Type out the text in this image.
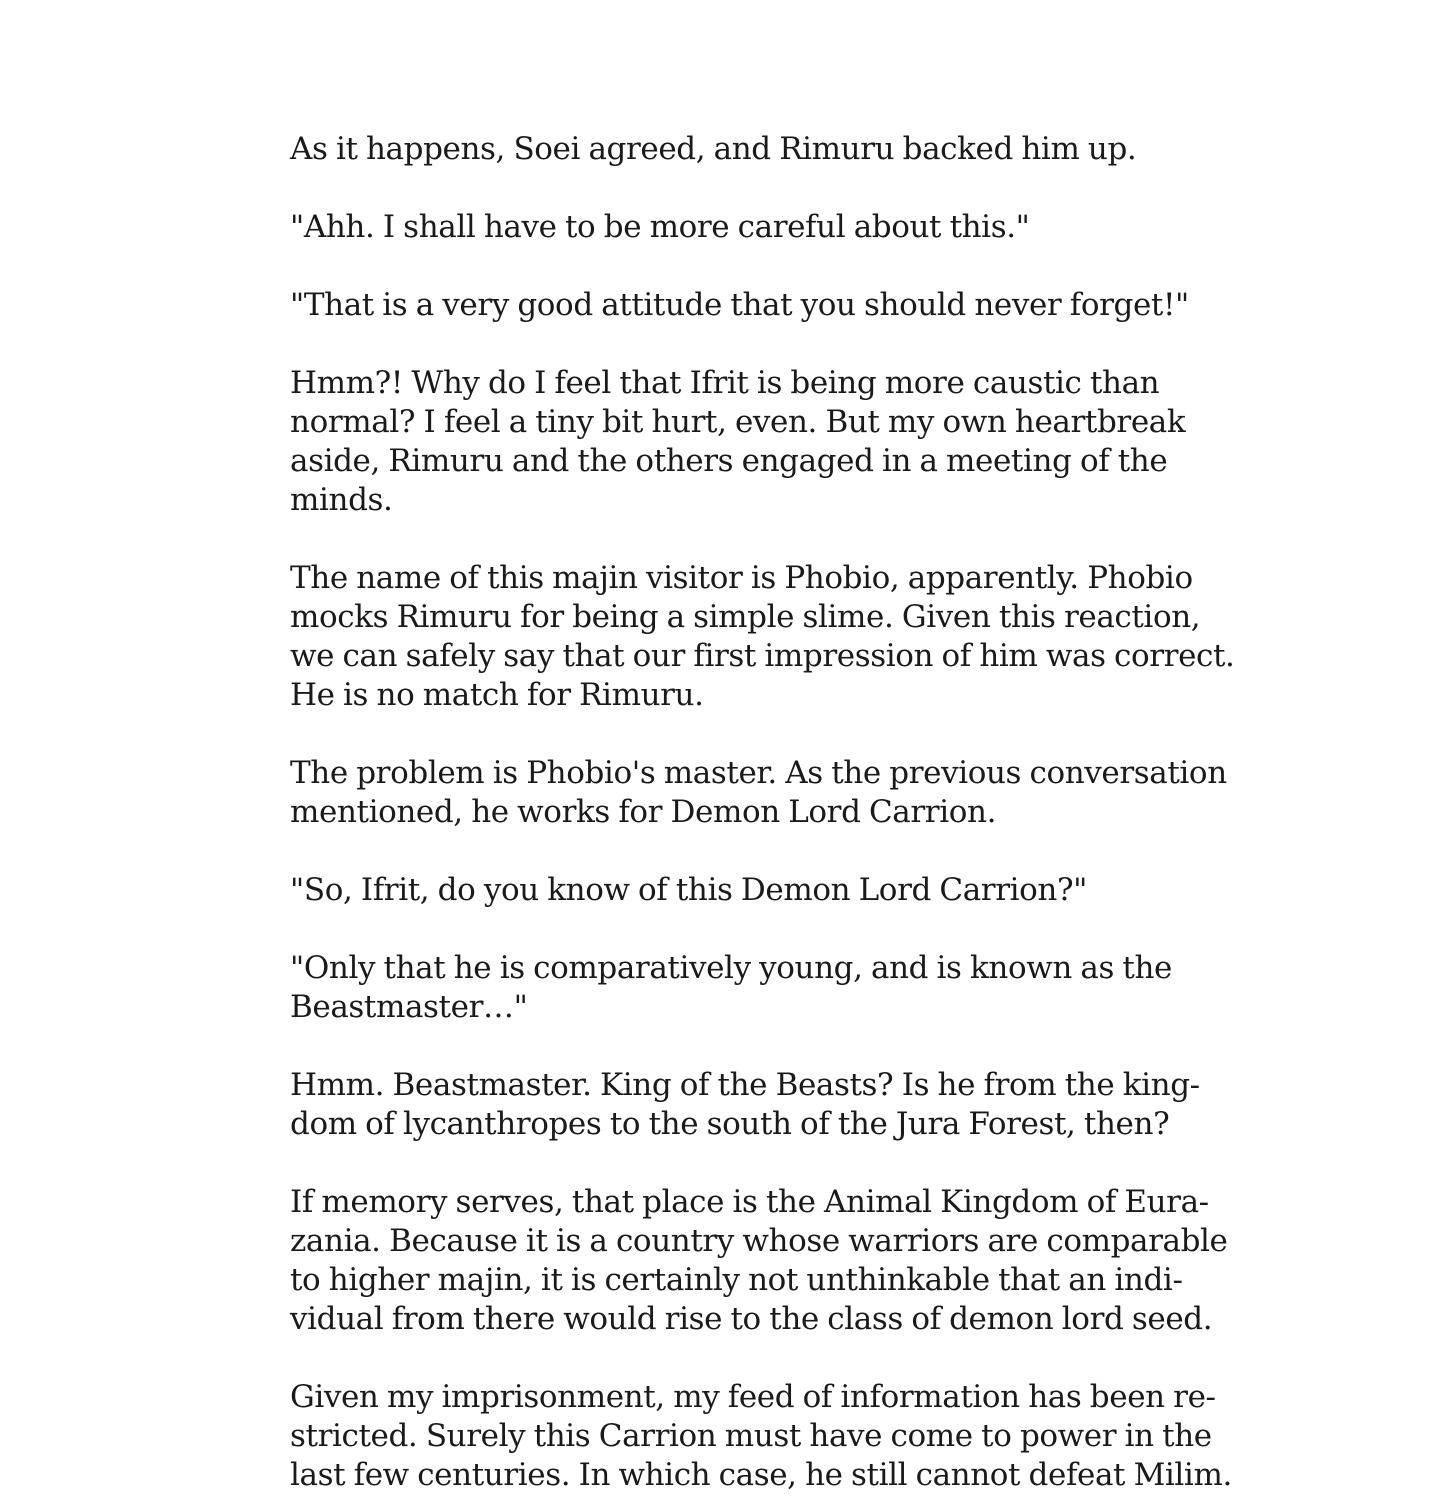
As it happens, Soei agreed, and Rimuru backed him up.
"Ahh. I shall have to be more careful about this."
"That is a very good attitude that you should never forget!"
Hmm?! Why do I feel that Ifrit is being more caustic than
normal? I feel a tiny bit hurt, even. But my own heartbreak
aside, Rimuru and the others engaged in a meeting of the
minds.
The name of this majin visitor is Phobio, apparently. Phobio
mocks Rimuru for being a simple slime. Given this reaction,
we can safely say that our first impression of him was correct.
He is no match for Rimuru.
The problem is Phobio's master. As the previous conversation
mentioned, he works for Demon Lord Carrion.
"So, Ifrit, do you know of this Demon Lord Carrion?"
"Only that he is comparatively young, and is known as the
Beastmaster…"
Hmm. Beastmaster. King of the Beasts? Is he from the king-
dom of lycanthropes to the south of the Jura Forest, then?
If memory serves, that place is the Animal Kingdom of Eura-
zania. Because it is a country whose warriors are comparable
to higher majin, it is certainly not unthinkable that an indi-
vidual from there would rise to the class of demon lord seed.
Given my imprisonment, my feed of information has been re-
stricted. Surely this Carrion must have come to power in the
last few centuries. In which case, he still cannot defeat Milim.
